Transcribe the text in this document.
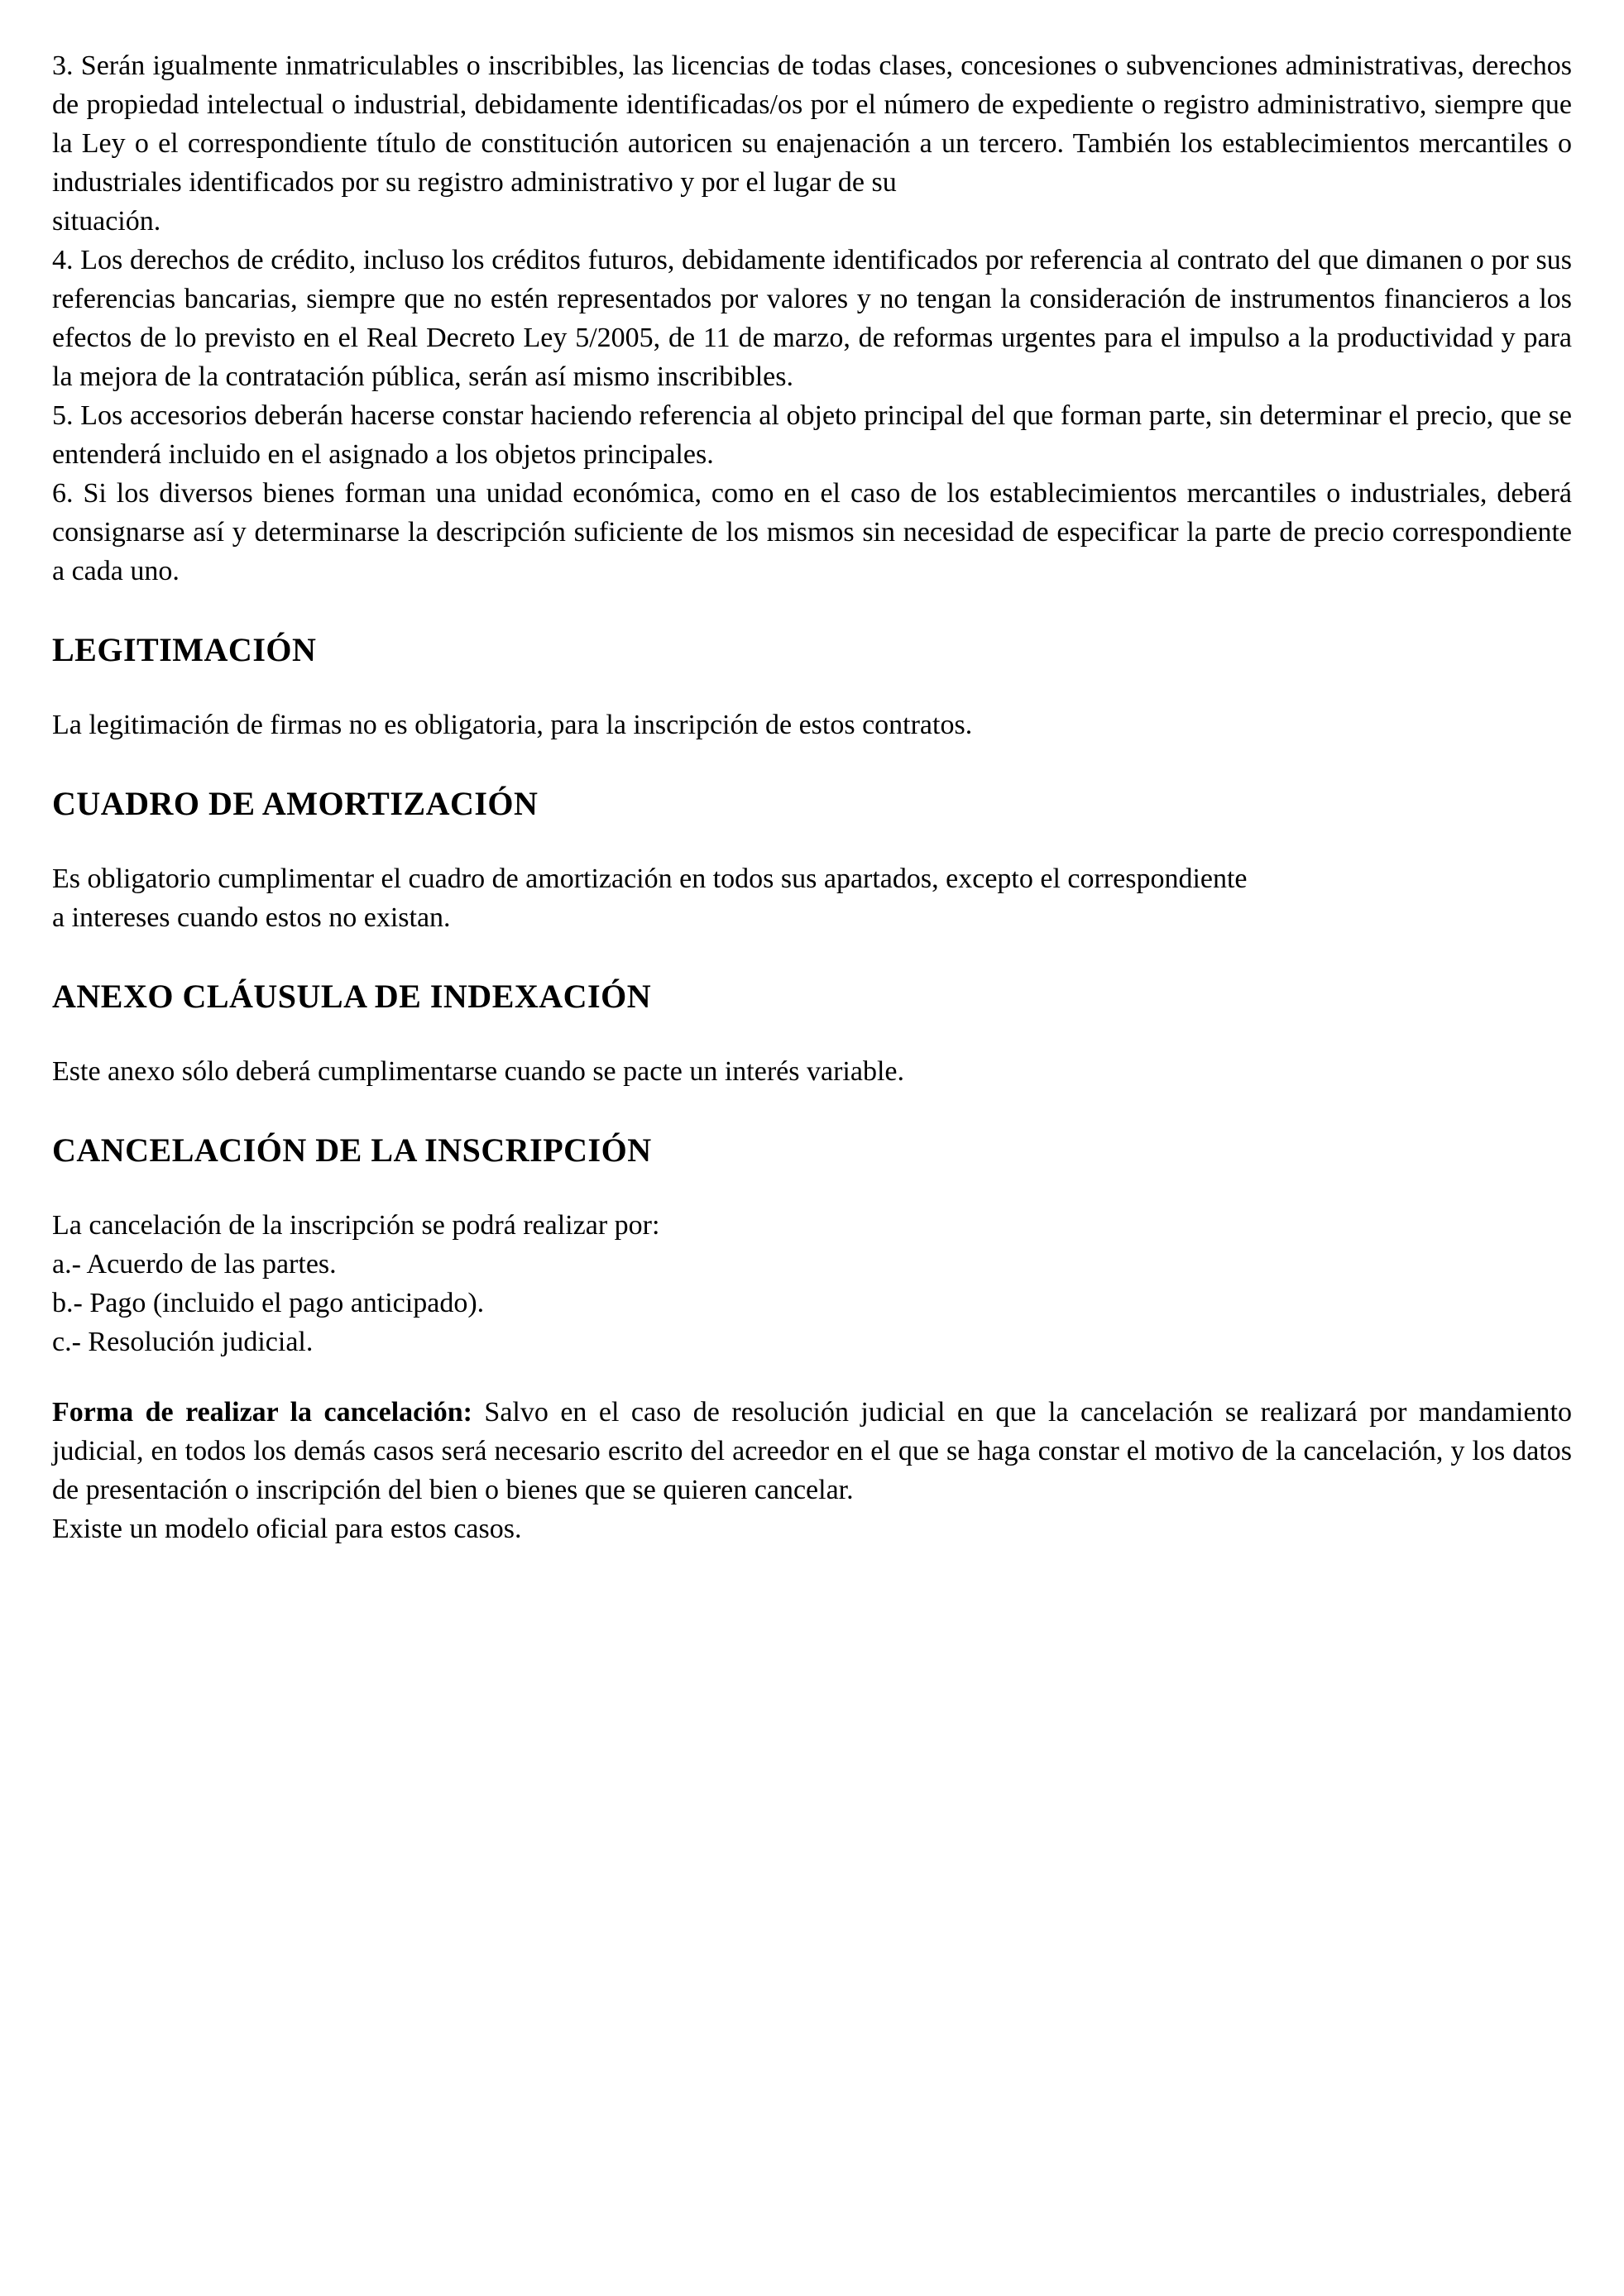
3. Serán igualmente inmatriculables o inscribibles, las licencias de todas clases, concesiones o subvenciones administrativas, derechos de propiedad intelectual o industrial, debidamente identificadas/os por el número de expediente o registro administrativo, siempre que la Ley o el correspondiente título de constitución autoricen su enajenación a un tercero. También los establecimientos mercantiles o industriales identificados por su registro administrativo y por el lugar de su
situación.

4. Los derechos de crédito, incluso los créditos futuros, debidamente identificados por referencia al contrato del que dimanen o por sus referencias bancarias, siempre que no estén representados por valores y no tengan la consideración de instrumentos financieros a los efectos de lo previsto en el Real Decreto Ley 5/2005, de 11 de marzo, de reformas urgentes para el impulso a la productividad y para la mejora de la contratación pública, serán así mismo inscribibles.

5. Los accesorios deberán hacerse constar haciendo referencia al objeto principal del que forman parte, sin determinar el precio, que se entenderá incluido en el asignado a los objetos principales.

6. Si los diversos bienes forman una unidad económica, como en el caso de los establecimientos mercantiles o industriales, deberá consignarse así y determinarse la descripción suficiente de los mismos sin necesidad de especificar la parte de precio correspondiente a cada uno.

LEGITIMACIÓN

La legitimación de firmas no es obligatoria, para la inscripción de estos contratos.

CUADRO DE AMORTIZACIÓN

Es obligatorio cumplimentar el cuadro de amortización en todos sus apartados, excepto el correspondiente
a intereses cuando estos no existan.

ANEXO CLÁUSULA DE INDEXACIÓN

Este anexo sólo deberá cumplimentarse cuando se pacte un interés variable.

CANCELACIÓN DE LA INSCRIPCIÓN

La cancelación de la inscripción se podrá realizar por:

a.- Acuerdo de las partes.
b.- Pago (incluido el pago anticipado).
c.- Resolución judicial.

Forma de realizar la cancelación: Salvo en el caso de resolución judicial en que la cancelación se realizará por mandamiento judicial, en todos los demás casos será necesario escrito del acreedor en el que se haga constar el motivo de la cancelación, y los datos de presentación o inscripción del bien o bienes que se quieren cancelar.

Existe un modelo oficial para estos casos.
